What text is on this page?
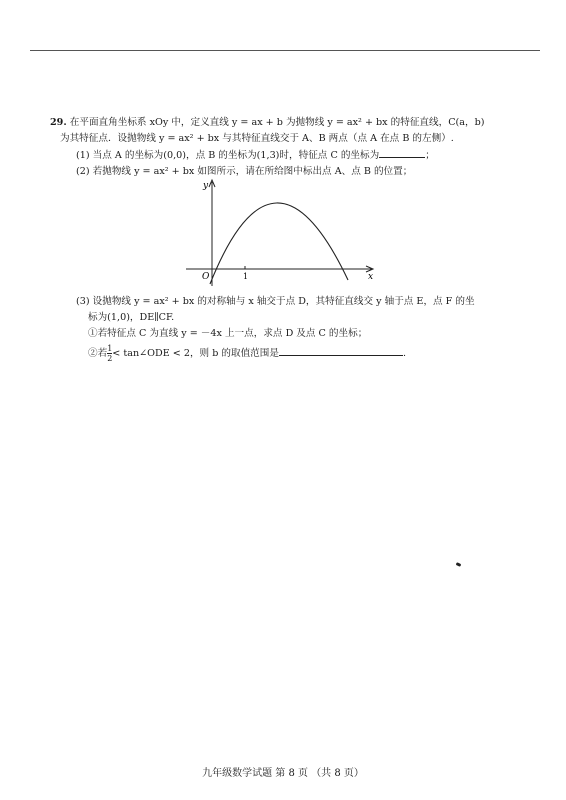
29. 在平面直角坐标系 xOy 中，定义直线 y = ax + b 为抛物线 y = ax² + bx 的特征直线，C(a，b)
为其特征点．设抛物线 y = ax² + bx 与其特征直线交于 A、B 两点（点 A 在点 B 的左侧）.
(1) 当点 A 的坐标为(0,0)，点 B 的坐标为(1,3)时，特征点 C 的坐标为	；
(2) 若抛物线 y = ax² + bx 如图所示，请在所给图中标出点 A、点 B 的位置；
y
x
O	1
(3) 设抛物线 y = ax² + bx 的对称轴与 x 轴交于点 D，其特征直线交 y 轴于点 E，点 F 的坐
标为(1,0)，DE∥CF.
①若特征点 C 为直线 y = －4x 上一点，求点 D 及点 C 的坐标；
②若 $\frac{1}{2}$ < tan∠ODE < 2，则 b 的取值范围是	.
九年级数学试题 第 8 页 （共 8 页）
